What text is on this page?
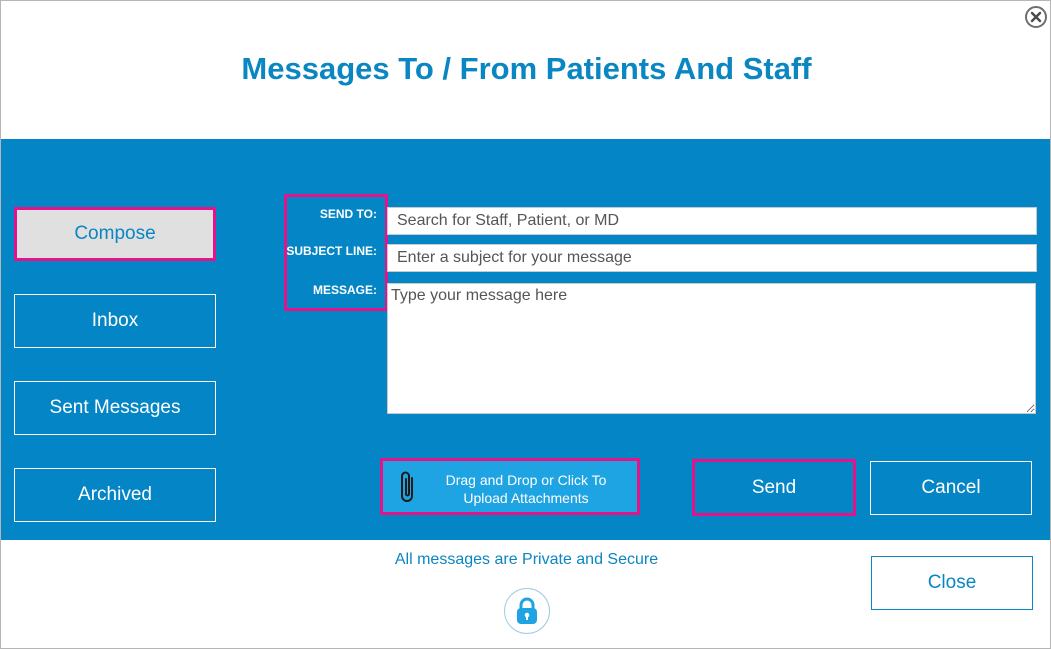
Messages To / From Patients And Staff
Compose
Inbox
Sent Messages
Archived
SEND TO:
SUBJECT LINE:
MESSAGE:
Search for Staff, Patient, or MD
Enter a subject for your message
Type your message here
Drag and Drop or Click To
Upload Attachments
Send	Cancel
All messages are Private and Secure
Close
